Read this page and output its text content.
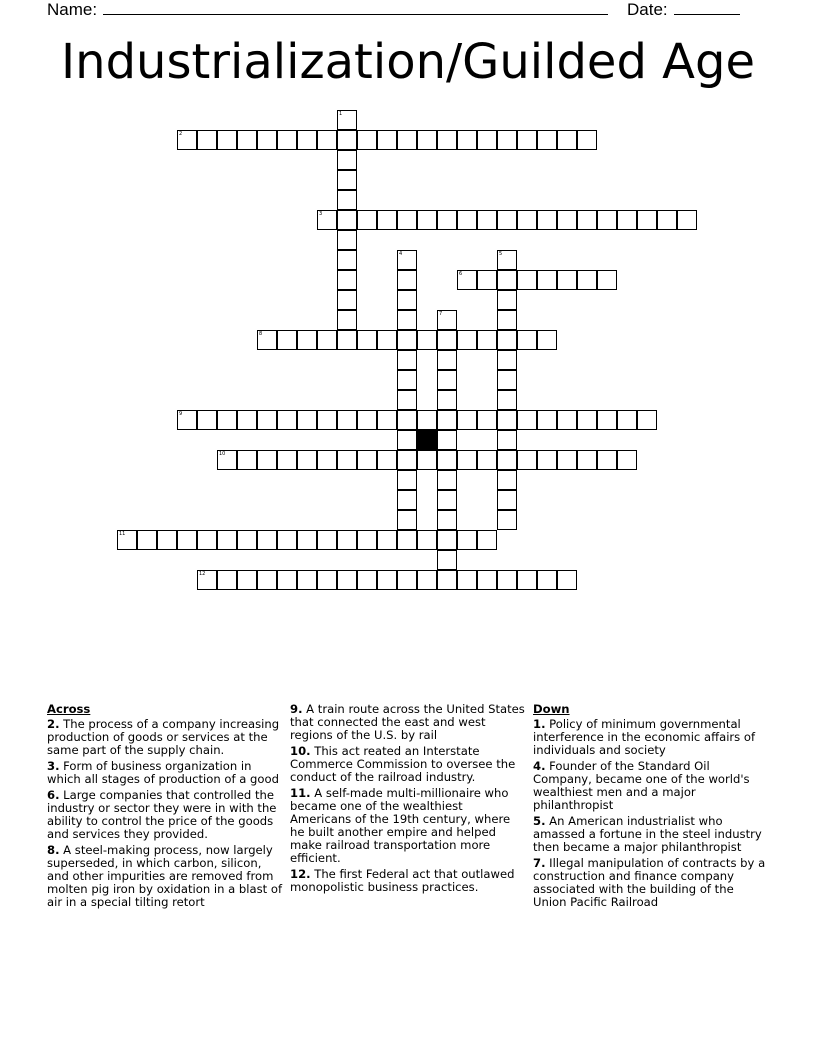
Name:	Date:
Industrialization/Guilded Age
1
2
3
4	5
6
7
8
9
10
11
12
Across
2. The process of a company increasing production of goods or services at the same part of the supply chain.
3. Form of business organization in which all stages of production of a good
6. Large companies that controlled the industry or sector they were in with the ability to control the price of the goods and services they provided.
8. A steel-making process, now largely superseded, in which carbon, silicon, and other impurities are removed from molten pig iron by oxidation in a blast of air in a special tilting retort
9. A train route across the United States that connected the east and west regions of the U.S. by rail
10. This act reated an Interstate Commerce Commission to oversee the conduct of the railroad industry.
11. A self-made multi-millionaire who became one of the wealthiest Americans of the 19th century, where he built another empire and helped make railroad transportation more efficient.
12. The first Federal act that outlawed monopolistic business practices.
Down
1. Policy of minimum governmental interference in the economic affairs of individuals and society
4. Founder of the Standard Oil Company, became one of the world's wealthiest men and a major philanthropist
5. An American industrialist who amassed a fortune in the steel industry then became a major philanthropist
7. Illegal manipulation of contracts by a construction and finance company associated with the building of the Union Pacific Railroad
